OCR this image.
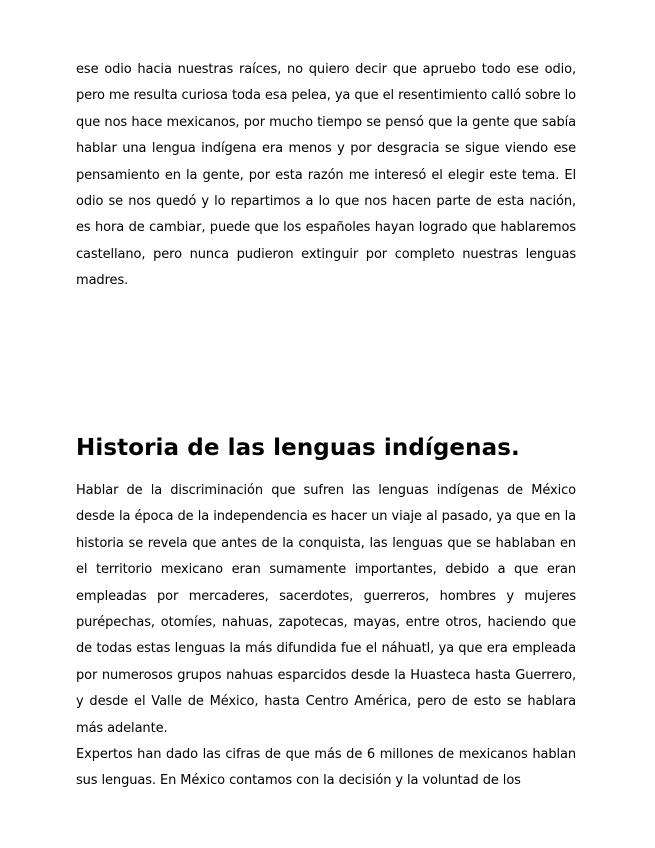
ese odio hacia nuestras raíces, no quiero decir que apruebo todo ese odio, pero me resulta curiosa toda esa pelea, ya que el resentimiento calló sobre lo que nos hace mexicanos, por mucho tiempo se pensó que la gente que sabía hablar una lengua indígena era menos y por desgracia se sigue viendo ese pensamiento en la gente, por esta razón me interesó el elegir este tema. El odio se nos quedó y lo repartimos a lo que nos hacen parte de esta nación, es hora de cambiar, puede que los españoles hayan logrado que hablaremos castellano, pero nunca pudieron extinguir por completo nuestras lenguas madres.

Historia de las lenguas indígenas.

Hablar de la discriminación que sufren las lenguas indígenas de México desde la época de la independencia es hacer un viaje al pasado, ya que en la historia se revela que antes de la conquista, las lenguas que se hablaban en el territorio mexicano eran sumamente importantes, debido a que eran empleadas por mercaderes, sacerdotes, guerreros, hombres y mujeres purépechas, otomíes, nahuas, zapotecas, mayas, entre otros, haciendo que de todas estas lenguas la más difundida fue el náhuatl, ya que era empleada por numerosos grupos nahuas esparcidos desde la Huasteca hasta Guerrero, y desde el Valle de México, hasta Centro América, pero de esto se hablara más adelante.

Expertos han dado las cifras de que más de 6 millones de mexicanos hablan sus lenguas. En México contamos con la decisión y la voluntad de los
